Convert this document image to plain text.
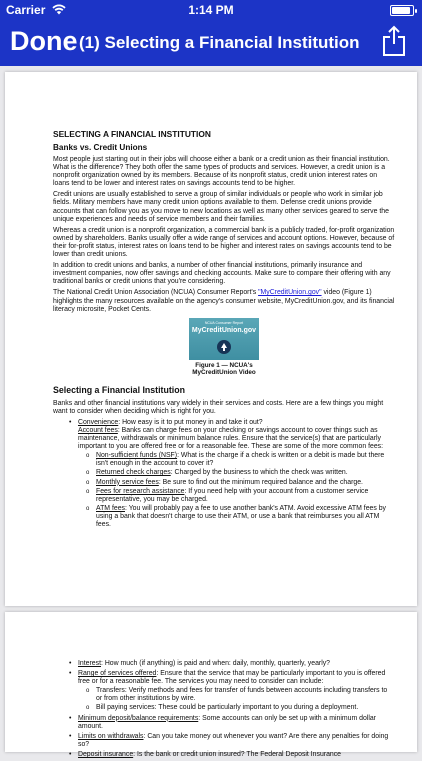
Carrier	1:14 PM
Done (1) Selecting a Financial Institution
SELECTING A FINANCIAL INSTITUTION
Banks vs. Credit Unions

Most people just starting out in their jobs will choose either a bank or a credit union as their financial institution. What is the difference? They both offer the same types of products and services. However, a credit union is a nonprofit organization owned by its members. Because of its nonprofit status, credit union interest rates on loans tend to be lower and interest rates on savings accounts tend to be higher.

Credit unions are usually established to serve a group of similar individuals or people who work in similar job fields. Military members have many credit union options available to them. Defense credit unions provide accounts that can follow you as you move to new locations as well as many other services geared to serve the unique experiences and needs of service members and their families.

Whereas a credit union is a nonprofit organization, a commercial bank is a publicly traded, for-profit organization owned by shareholders. Banks usually offer a wide range of services and account options. However, because of their for-profit status, interest rates on loans tend to be higher and interest rates on savings accounts tend to be lower than credit unions.

In addition to credit unions and banks, a number of other financial institutions, primarily insurance and investment companies, now offer savings and checking accounts. Make sure to compare their offering with any traditional banks or credit unions that you're considering.

The National Credit Union Association (NCUA) Consumer Report's "MyCreditUnion.gov" video (Figure 1) highlights the many resources available on the agency's consumer website, MyCreditUnion.gov, and its financial literacy microsite, Pocket Cents.

NCUA Consumer Report
MyCreditUnion.gov
Figure 1 — NCUA's
MyCreditUnion Video
Selecting a Financial Institution

Banks and other financial institutions vary widely in their services and costs. Here are a few things you might want to consider when deciding which is right for you.

• Convenience: How easy is it to put money in and take it out?
Account fees: Banks can charge fees on your checking or savings account to cover things such as maintenance, withdrawals or minimum balance rules. Ensure that the service(s) that are particularly important to you are offered free or for a reasonable fee. These are some of the more common fees:
o Non-sufficient funds (NSF): What is the charge if a check is written or a debit is made but there isn't enough in the account to cover it?
o Returned check charges: Charged by the business to which the check was written.
o Monthly service fees: Be sure to find out the minimum required balance and the charge.
o Fees for research assistance: If you need help with your account from a customer service representative, you may be charged.
o ATM fees: You will probably pay a fee to use another bank's ATM. Avoid excessive ATM fees by using a bank that doesn't charge to use their ATM, or use a bank that reimburses you all ATM fees.
• Interest: How much (if anything) is paid and when: daily, monthly, quarterly, yearly?
• Range of services offered: Ensure that the service that may be particularly important to you is offered free or for a reasonable fee. The services you may need to consider can include:
o Transfers: Verify methods and fees for transfer of funds between accounts including transfers to or from other institutions by wire.
o Bill paying services: These could be particularly important to you during a deployment.
• Minimum deposit/balance requirements: Some accounts can only be set up with a minimum dollar amount.
• Limits on withdrawals: Can you take money out whenever you want? Are there any penalties for doing so?
• Deposit insurance: Is the bank or credit union insured? The Federal Deposit Insurance
